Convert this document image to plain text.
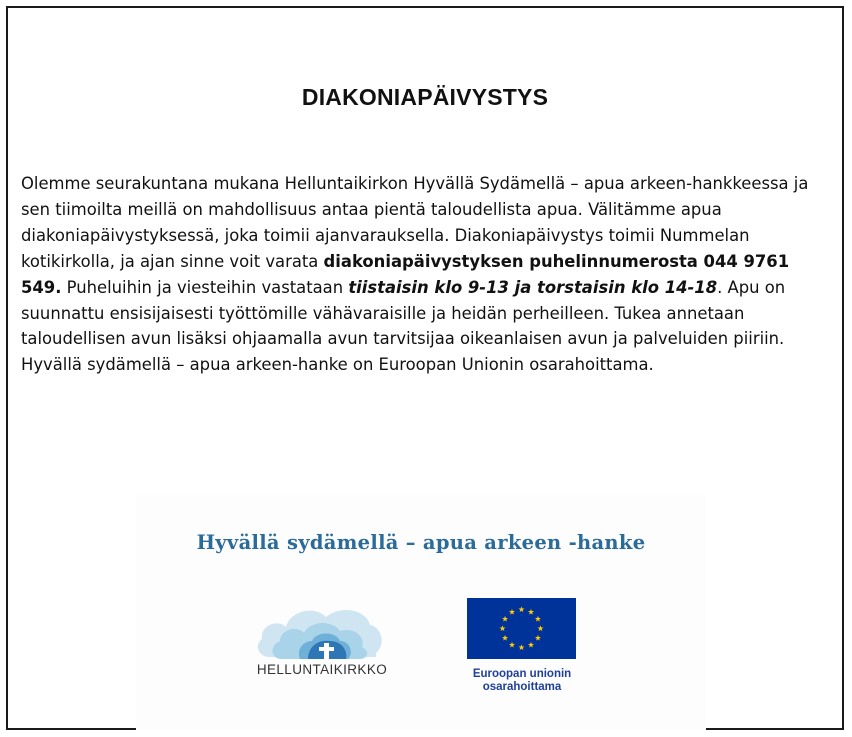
DIAKONIAPÄIVYSTYS
Olemme seurakuntana mukana Helluntaikirkon Hyvällä Sydämellä – apua arkeen-hankkeessa ja sen tiimoilta meillä on mahdollisuus antaa pientä taloudellista apua. Välitämme apua diakoniapäivystyksessä, joka toimii ajanvarauksella. Diakoniapäivystys toimii Nummelan kotikirkolla, ja ajan sinne voit varata diakoniapäivystyksen puhelinnumerosta 044 9761 549. Puheluihin ja viesteihin vastataan tiistaisin klo 9-13 ja torstaisin klo 14-18. Apu on suunnattu ensisijaisesti työttömille vähävaraisille ja heidän perheilleen. Tukea annetaan taloudellisen avun lisäksi ohjaamalla avun tarvitsijaa oikeanlaisen avun ja palveluiden piiriin. Hyvällä sydämellä – apua arkeen-hanke on Euroopan Unionin osarahoittama.
Hyvällä sydämellä – apua arkeen -hanke
HELLUNTAIKIRKKO	Euroopan unionin
osarahoittama
